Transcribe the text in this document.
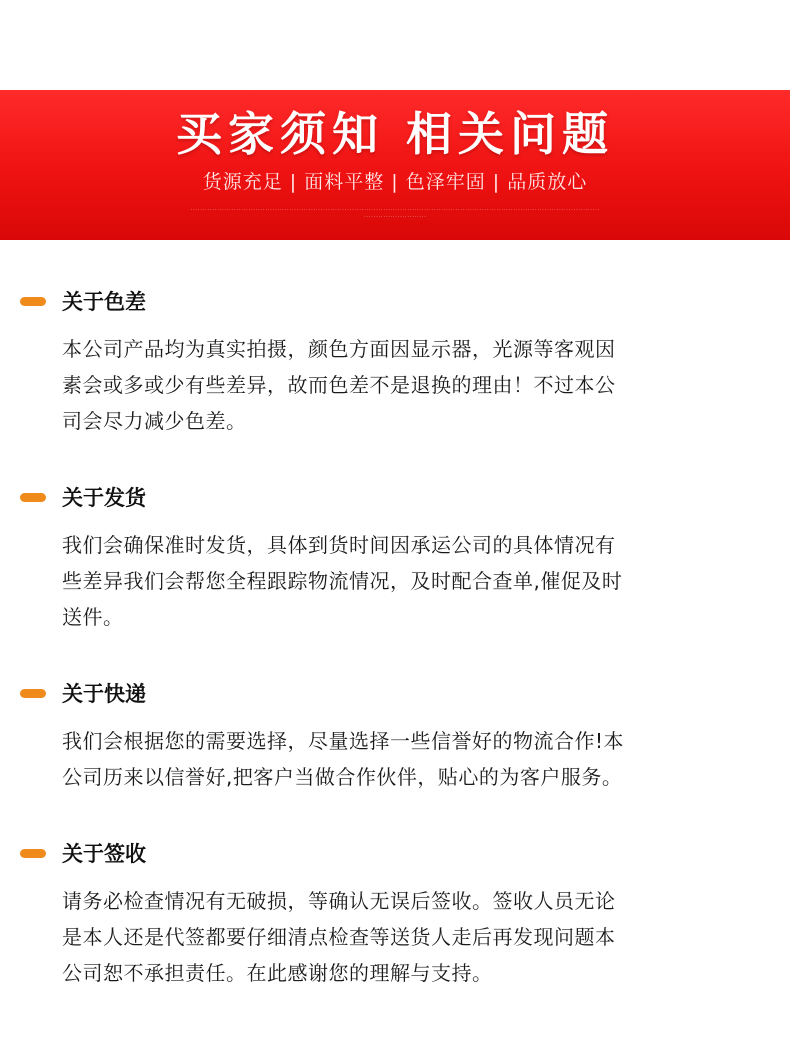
买家须知 相关问题
货源充足 | 面料平整 | 色泽牢固 | 品质放心
····································································································································································································
关于色差
本公司产品均为真实拍摄，颜色方面因显示器，光源等客观因
素会或多或少有些差异，故而色差不是退换的理由！不过本公
司会尽力减少色差。
关于发货
我们会确保准时发货，具体到货时间因承运公司的具体情况有
些差异我们会帮您全程跟踪物流情况，及时配合查单,催促及时
送件。
关于快递
我们会根据您的需要选择，尽量选择一些信誉好的物流合作!本
公司历来以信誉好,把客户当做合作伙伴，贴心的为客户服务。
关于签收
请务必检查情况有无破损，等确认无误后签收。签收人员无论
是本人还是代签都要仔细清点检查等送货人走后再发现问题本
公司恕不承担责任。在此感谢您的理解与支持。
